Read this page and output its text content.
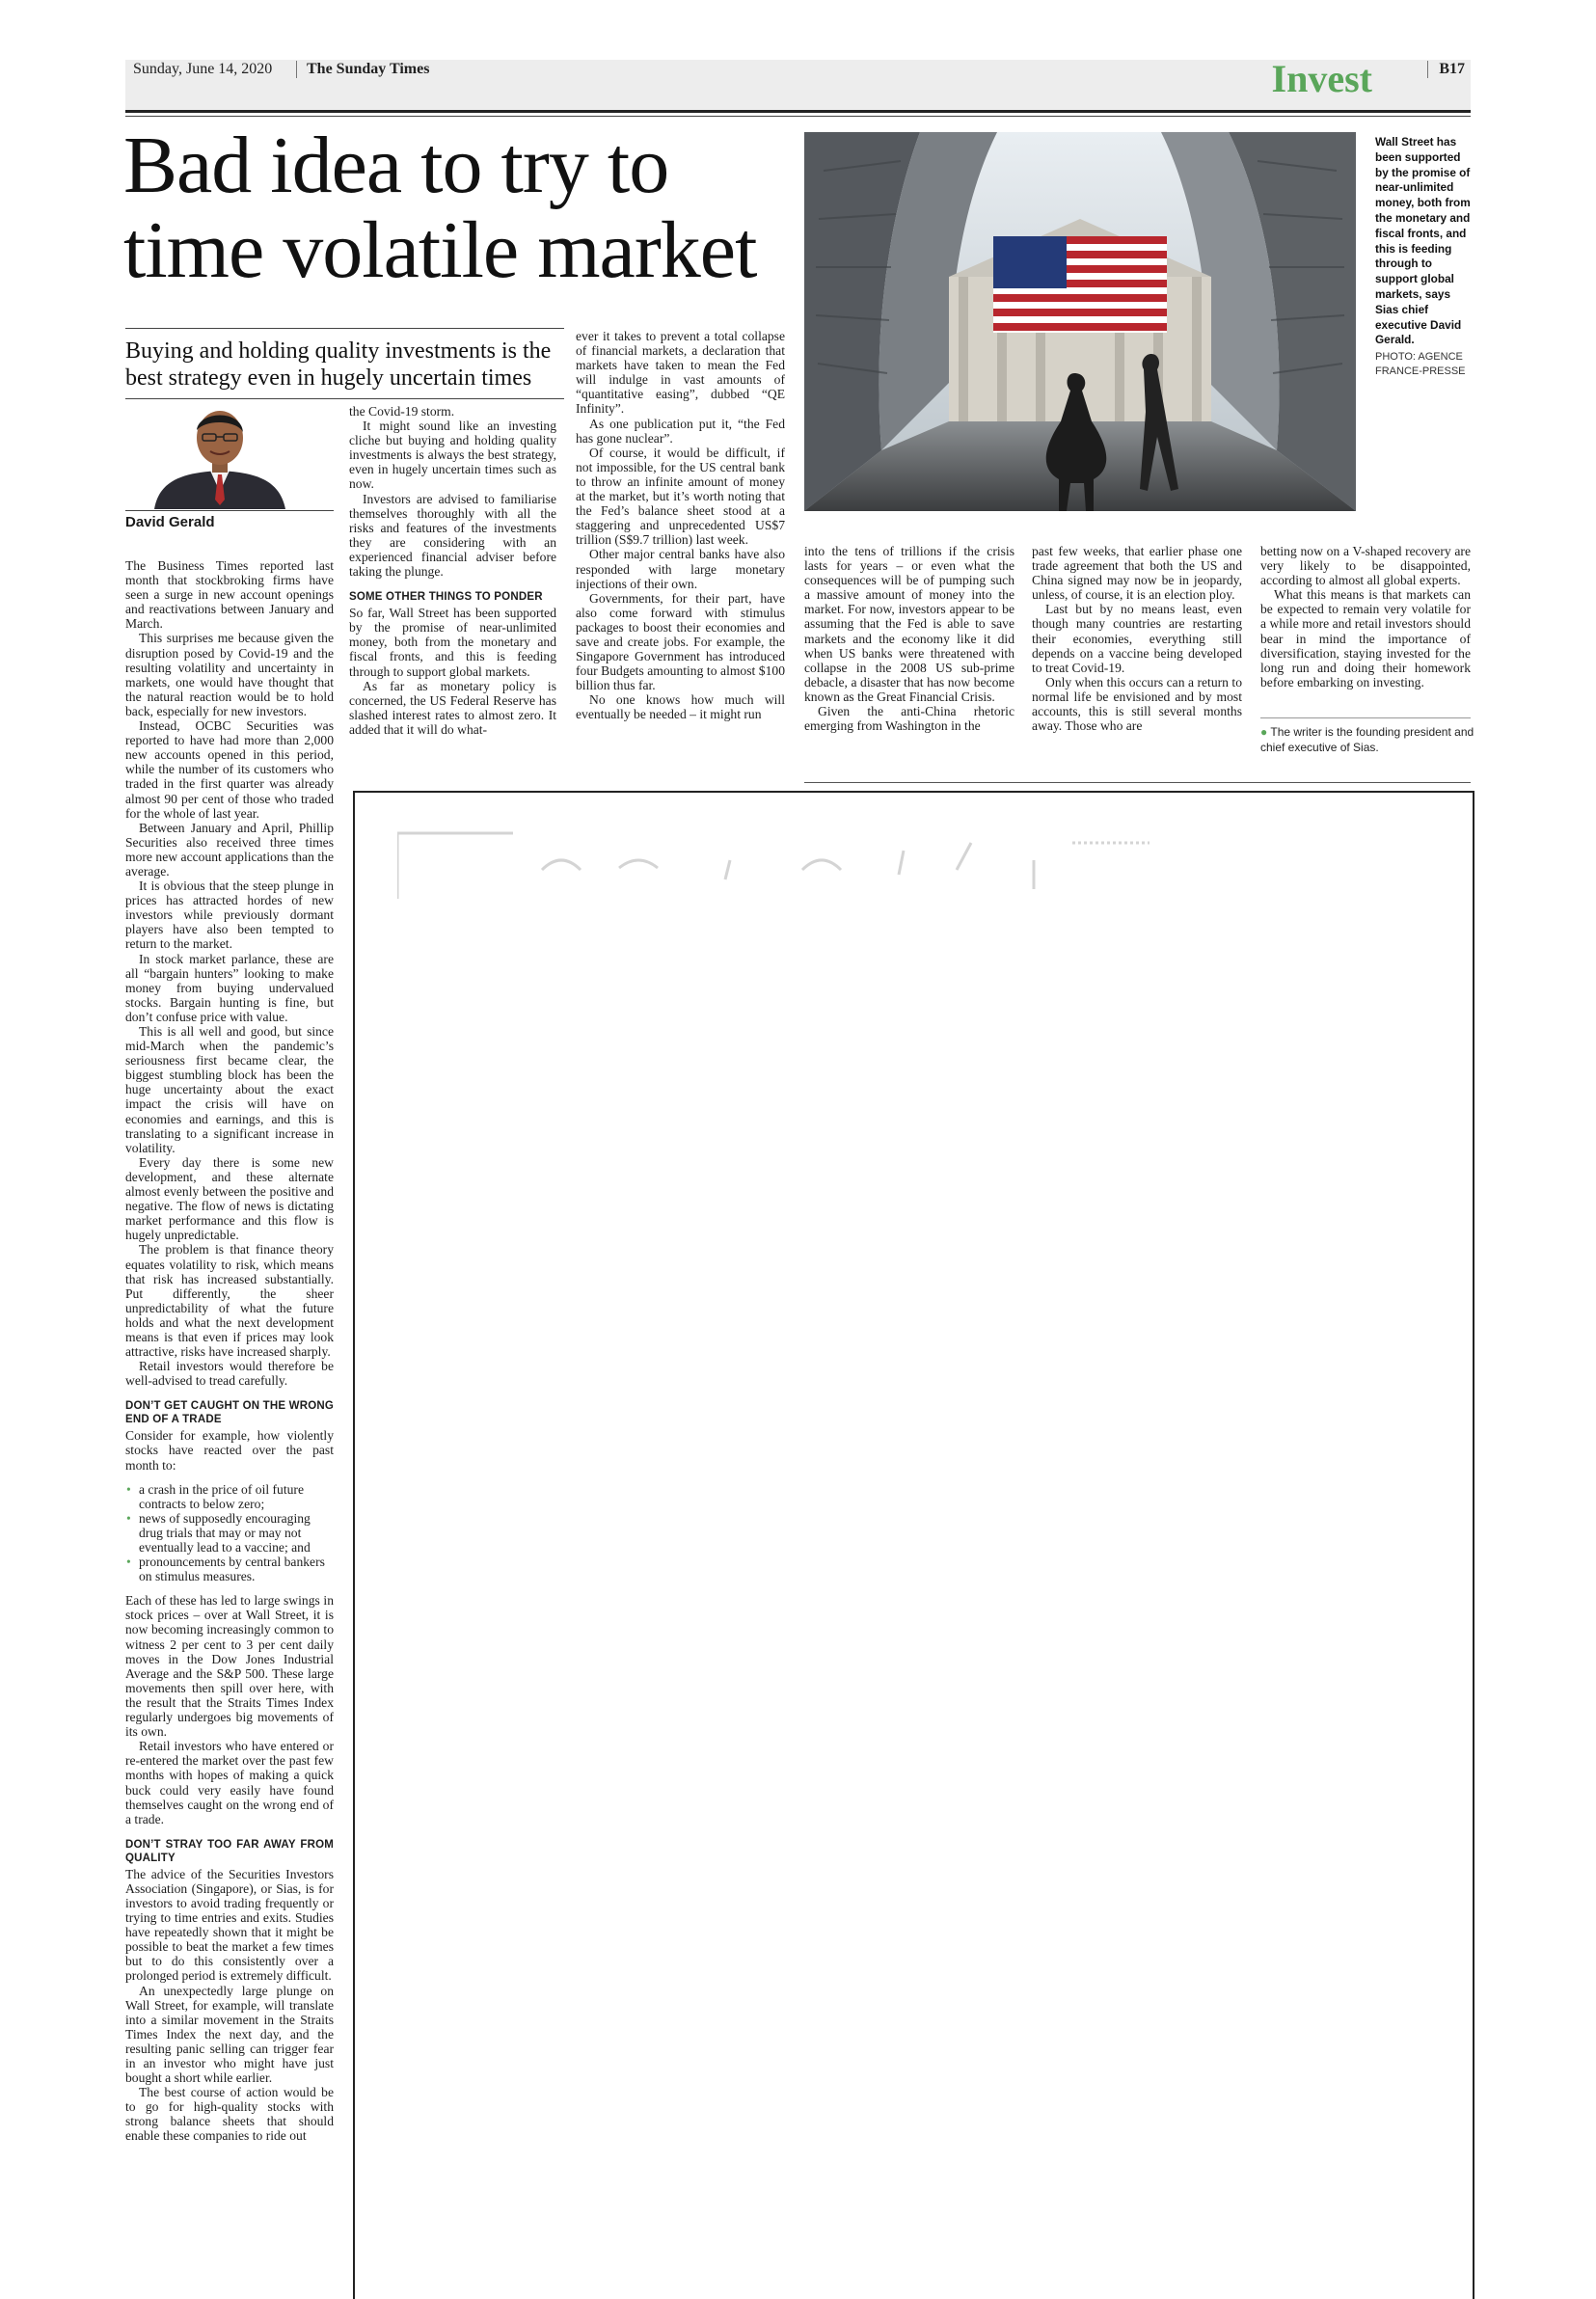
Sunday, June 14, 2020 The Sunday Times	Invest	B17
Bad idea to try to
time volatile market
Buying and holding quality investments is the best strategy even in hugely uncertain times
David Gerald

The Business Times reported last month that stockbroking firms have seen a surge in new account openings and reactivations between January and March.

This surprises me because given the disruption posed by Covid-19 and the resulting volatility and uncertainty in markets, one would have thought that the natural reaction would be to hold back, especially for new investors.

Instead, OCBC Securities was reported to have had more than 2,000 new accounts opened in this period, while the number of its customers who traded in the first quarter was already almost 90 per cent of those who traded for the whole of last year.

Between January and April, Phillip Securities also received three times more new account applications than the average.

It is obvious that the steep plunge in prices has attracted hordes of new investors while previously dormant players have also been tempted to return to the market.

In stock market parlance, these are all “bargain hunters” looking to make money from buying undervalued stocks. Bargain hunting is fine, but don’t confuse price with value.

This is all well and good, but since mid-March when the pandemic’s seriousness first became clear, the biggest stumbling block has been the huge uncertainty about the exact impact the crisis will have on economies and earnings, and this is translating to a significant increase in volatility.

Every day there is some new development, and these alternate almost evenly between the positive and negative. The flow of news is dictating market performance and this flow is hugely unpredictable.

The problem is that finance theory equates volatility to risk, which means that risk has increased substantially. Put differently, the sheer unpredictability of what the future holds and what the next development means is that even if prices may look attractive, risks have increased sharply.

Retail investors would therefore be well-advised to tread carefully.

DON’T GET CAUGHT ON THE WRONG END OF A TRADE

Consider for example, how violently stocks have reacted over the past month to:

• a crash in the price of oil future contracts to below zero;
• news of supposedly encouraging drug trials that may or may not eventually lead to a vaccine; and
• pronouncements by central bankers on stimulus measures.

Each of these has led to large swings in stock prices – over at Wall Street, it is now becoming increasingly common to witness 2 per cent to 3 per cent daily moves in the Dow Jones Industrial Average and the S&P 500. These large movements then spill over here, with the result that the Straits Times Index regularly undergoes big movements of its own.

Retail investors who have entered or re-entered the market over the past few months with hopes of making a quick buck could very easily have found themselves caught on the wrong end of a trade.

DON’T STRAY TOO FAR AWAY FROM QUALITY

The advice of the Securities Investors Association (Singapore), or Sias, is for investors to avoid trading frequently or trying to time entries and exits. Studies have repeatedly shown that it might be possible to beat the market a few times but to do this consistently over a prolonged period is extremely difficult.

An unexpectedly large plunge on Wall Street, for example, will translate into a similar movement in the Straits Times Index the next day, and the resulting panic selling can trigger fear in an investor who might have just bought a short while earlier.

The best course of action would be to go for high-quality stocks with strong balance sheets that should enable these companies to ride out

the Covid-19 storm.

It might sound like an investing cliche but buying and holding quality investments is always the best strategy, even in hugely uncertain times such as now.

Investors are advised to familiarise themselves thoroughly with all the risks and features of the investments they are considering with an experienced financial adviser before taking the plunge.

SOME OTHER THINGS TO PONDER

So far, Wall Street has been supported by the promise of near-unlimited money, both from the monetary and fiscal fronts, and this is feeding through to support global markets.

As far as monetary policy is concerned, the US Federal Reserve has slashed interest rates to almost zero. It added that it will do what-

ever it takes to prevent a total collapse of financial markets, a declaration that markets have taken to mean the Fed will indulge in vast amounts of “quantitative easing”, dubbed “QE Infinity”.

As one publication put it, “the Fed has gone nuclear”.

Of course, it would be difficult, if not impossible, for the US central bank to throw an infinite amount of money at the market, but it’s worth noting that the Fed’s balance sheet stood at a staggering and unprecedented US$7 trillion (S$9.7 trillion) last week.

Other major central banks have also responded with large monetary injections of their own.

Governments, for their part, have also come forward with stimulus packages to boost their economies and save and create jobs. For example, the Singapore Government has introduced four Budgets amounting to almost $100 billion thus far.

No one knows how much will eventually be needed – it might run

Wall Street has been supported by the promise of near-unlimited money, both from the monetary and fiscal fronts, and this is feeding through to support global markets, says Sias chief executive David Gerald.
PHOTO: AGENCE FRANCE-PRESSE

into the tens of trillions if the crisis lasts for years – or even what the consequences will be of pumping such a massive amount of money into the market. For now, investors appear to be assuming that the Fed is able to save markets and the economy like it did when US banks were threatened with collapse in the 2008 US sub-prime debacle, a disaster that has now become known as the Great Financial Crisis.

Given the anti-China rhetoric emerging from Washington in the

past few weeks, that earlier phase one trade agreement that both the US and China signed may now be in jeopardy, unless, of course, it is an election ploy.

Last but by no means least, even though many countries are restarting their economies, everything still depends on a vaccine being developed to treat Covid-19.

Only when this occurs can a return to normal life be envisioned and by most accounts, this is still several months away. Those who are

betting now on a V-shaped recovery are very likely to be disappointed, according to almost all global experts.

What this means is that markets can be expected to remain very volatile for a while more and retail investors should bear in mind the importance of diversification, staying invested for the long run and doing their homework before embarking on investing.

● The writer is the founding president and chief executive of Sias.
